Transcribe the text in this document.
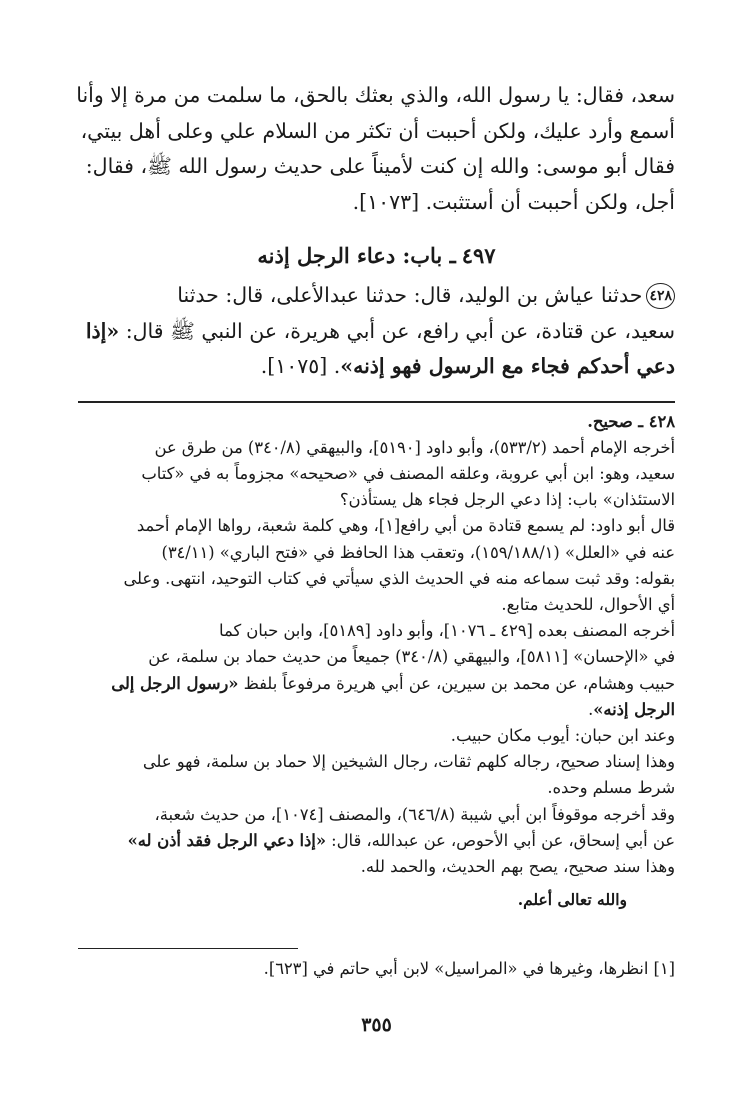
سعد، فقال: يا رسول الله، والذي بعثك بالحق، ما سلمت من مرة إلا وأنا

أسمع وأرد عليك، ولكن أحببت أن تكثر من السلام علي وعلى أهل بيتي،

فقال أبو موسى: والله إن كنت لأميناً على حديث رسول الله ﷺ، فقال:

أجل، ولكن أحببت أن أستثبت. [١٠٧٣].

٤٩٧ـ باب: دعاء الرجل إذنه

٤٢٨حدثنا عياش بن الوليد، قال: حدثنا عبدالأعلى، قال: حدثنا

سعيد، عن قتادة، عن أبي رافع، عن أبي هريرة، عن النبي ﷺ قال: «إذا

دعي أحدكم فجاء مع الرسول فهو إذنه». [١٠٧٥].

٤٢٨ ـ صحيح.

أخرجه الإمام أحمد (٥٣٣/٢)، وأبو داود [٥١٩٠]، والبيهقي (٣٤٠/٨) من طرق عن

سعيد، وهو: ابن أبي عروبة، وعلقه المصنف في «صحيحه» مجزوماً به في «كتاب

الاستئذان» باب: إذا دعي الرجل فجاء هل يستأذن؟

قال أبو داود: لم يسمع قتادة من أبي رافع[١]، وهي كلمة شعبة، رواها الإمام أحمد

عنه في «العلل» (١٥٩/١٨٨/١)، وتعقب هذا الحافظ في «فتح الباري» (٣٤/١١)

بقوله: وقد ثبت سماعه منه في الحديث الذي سيأتي في كتاب التوحيد، انتهى. وعلى

أي الأحوال، للحديث متابع.

أخرجه المصنف بعده [٤٢٩ ـ ١٠٧٦]، وأبو داود [٥١٨٩]، وابن حبان كما

في «الإحسان» [٥٨١١]، والبيهقي (٣٤٠/٨) جميعاً من حديث حماد بن سلمة، عن

حبيب وهشام، عن محمد بن سيرين، عن أبي هريرة مرفوعاً بلفظ «رسول الرجل إلى

الرجل إذنه».

وعند ابن حبان: أيوب مكان حبيب.

وهذا إسناد صحيح، رجاله كلهم ثقات، رجال الشيخين إلا حماد بن سلمة، فهو على

شرط مسلم وحده.

وقد أخرجه موقوفاً ابن أبي شيبة (٦٤٦/٨)، والمصنف [١٠٧٤]، من حديث شعبة،

عن أبي إسحاق، عن أبي الأحوص، عن عبدالله، قال: «إذا دعي الرجل فقد أذن له»

وهذا سند صحيح، يصح بهم الحديث، والحمد لله.

والله تعالى أعلم.

[١] انظرها، وغيرها في «المراسيل» لابن أبي حاتم في [٦٢٣].

٣٥٥
